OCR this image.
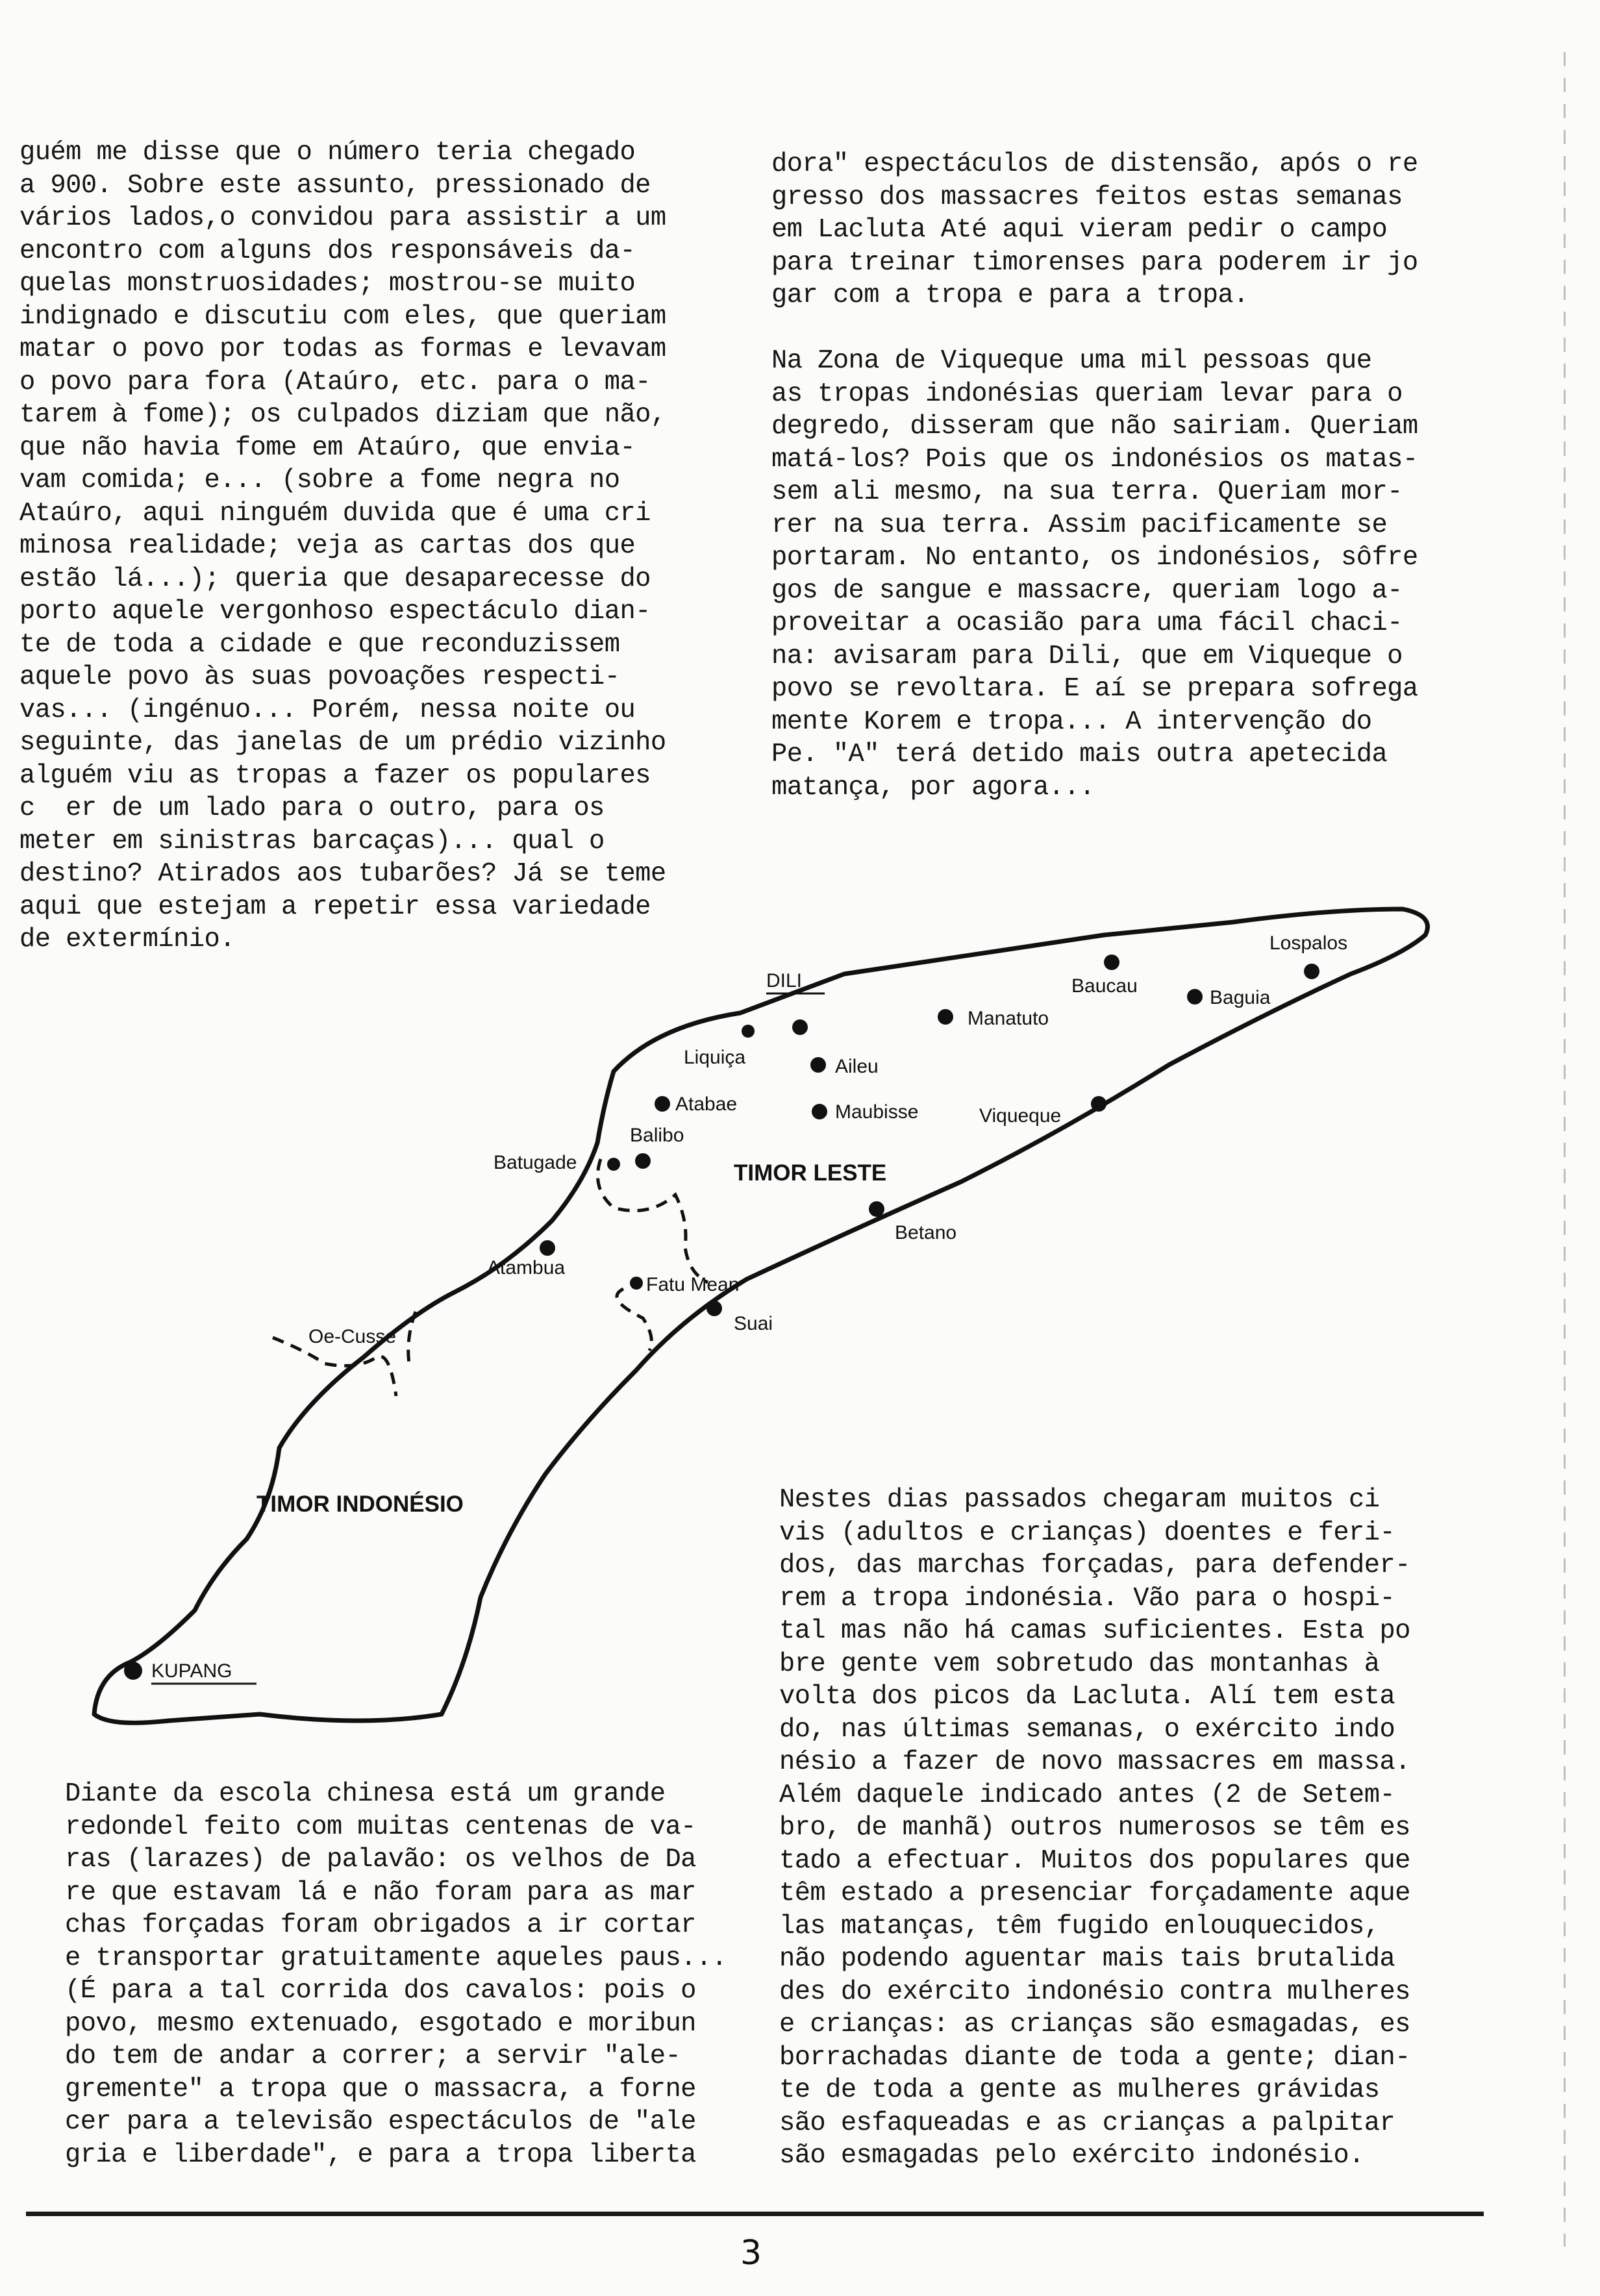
guém me disse que o número teria chegado
a 900. Sobre este assunto, pressionado de
vários lados,o convidou para assistir a um
encontro com alguns dos responsáveis da-
quelas monstruosidades; mostrou-se muito
indignado e discutiu com eles, que queriam
matar o povo por todas as formas e levavam
o povo para fora (Ataúro, etc. para o ma-
tarem à fome); os culpados diziam que não,
que não havia fome em Ataúro, que envia-
vam comida; e... (sobre a fome negra no
Ataúro, aqui ninguém duvida que é uma cri
minosa realidade; veja as cartas dos que
estão lá...); queria que desaparecesse do
porto aquele vergonhoso espectáculo dian-
te de toda a cidade e que reconduzissem
aquele povo às suas povoações respecti-
vas... (ingénuo... Porém, nessa noite ou
seguinte, das janelas de um prédio vizinho
alguém viu as tropas a fazer os populares
c  er de um lado para o outro, para os
meter em sinistras barcaças)... qual o
destino? Atirados aos tubarões? Já se teme
aqui que estejam a repetir essa variedade
de extermínio.
dora" espectáculos de distensão, após o re
gresso dos massacres feitos estas semanas
em Lacluta Até aqui vieram pedir o campo
para treinar timorenses para poderem ir jo
gar com a tropa e para a tropa.

Na Zona de Viqueque uma mil pessoas que
as tropas indonésias queriam levar para o
degredo, disseram que não sairiam. Queriam
matá-los? Pois que os indonésios os matas-
sem ali mesmo, na sua terra. Queriam mor-
rer na sua terra. Assim pacificamente se
portaram. No entanto, os indonésios, sôfre
gos de sangue e massacre, queriam logo a-
proveitar a ocasião para uma fácil chaci-
na: avisaram para Dili, que em Viqueque o
povo se revoltara. E aí se prepara sofrega
mente Korem e tropa... A intervenção do
Pe. "A" terá detido mais outra apetecida
matança, por agora...
DILI
Lospalos
Baucau
Baguia
Manatuto
Liquiça	Aileu
Atabae	Maubisse	Viqueque
Balibo
Batugade	TIMOR LESTE
Betano
Atambua
Fatu Mean
Suai
Oe-Cusse
TIMOR INDONÉSIO
KUPANG
Diante da escola chinesa está um grande
redondel feito com muitas centenas de va-
ras (larazes) de palavão: os velhos de Da
re que estavam lá e não foram para as mar
chas forçadas foram obrigados a ir cortar
e transportar gratuitamente aqueles paus...
(É para a tal corrida dos cavalos: pois o
povo, mesmo extenuado, esgotado e moribun
do tem de andar a correr; a servir "ale-
gremente" a tropa que o massacra, a forne
cer para a televisão espectáculos de "ale
gria e liberdade", e para a tropa liberta
Nestes dias passados chegaram muitos ci
vis (adultos e crianças) doentes e feri-
dos, das marchas forçadas, para defender-
rem a tropa indonésia. Vão para o hospi-
tal mas não há camas suficientes. Esta po
bre gente vem sobretudo das montanhas à
volta dos picos da Lacluta. Alí tem esta
do, nas últimas semanas, o exército indo
nésio a fazer de novo massacres em massa.
Além daquele indicado antes (2 de Setem-
bro, de manhã) outros numerosos se têm es
tado a efectuar. Muitos dos populares que
têm estado a presenciar forçadamente aque
las matanças, têm fugido enlouquecidos,
não podendo aguentar mais tais brutalida
des do exército indonésio contra mulheres
e crianças: as crianças são esmagadas, es
borrachadas diante de toda a gente; dian-
te de toda a gente as mulheres grávidas
são esfaqueadas e as crianças a palpitar
são esmagadas pelo exército indonésio.
3
